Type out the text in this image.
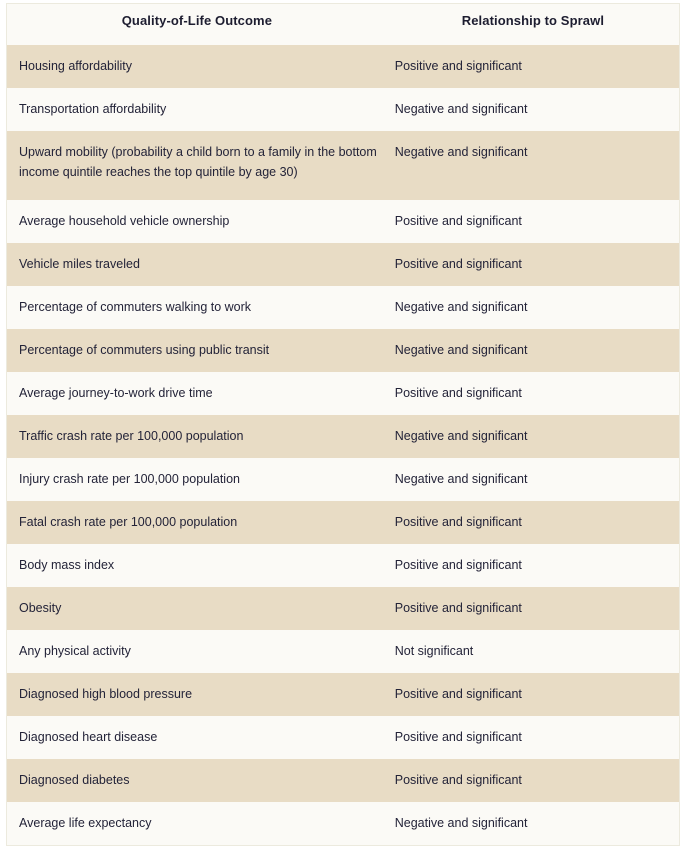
Quality-of-Life Outcome	Relationship to Sprawl
Housing affordability	Positive and significant
Transportation affordability	Negative and significant
Upward mobility (probability a child born to a family in the bottom income quintile reaches the top quintile by age 30)	Negative and significant
Average household vehicle ownership	Positive and significant
Vehicle miles traveled	Positive and significant
Percentage of commuters walking to work	Negative and significant
Percentage of commuters using public transit	Negative and significant
Average journey-to-work drive time	Positive and significant
Traffic crash rate per 100,000 population	Negative and significant
Injury crash rate per 100,000 population	Negative and significant
Fatal crash rate per 100,000 population	Positive and significant
Body mass index	Positive and significant
Obesity	Positive and significant
Any physical activity	Not significant
Diagnosed high blood pressure	Positive and significant
Diagnosed heart disease	Positive and significant
Diagnosed diabetes	Positive and significant
Average life expectancy	Negative and significant
